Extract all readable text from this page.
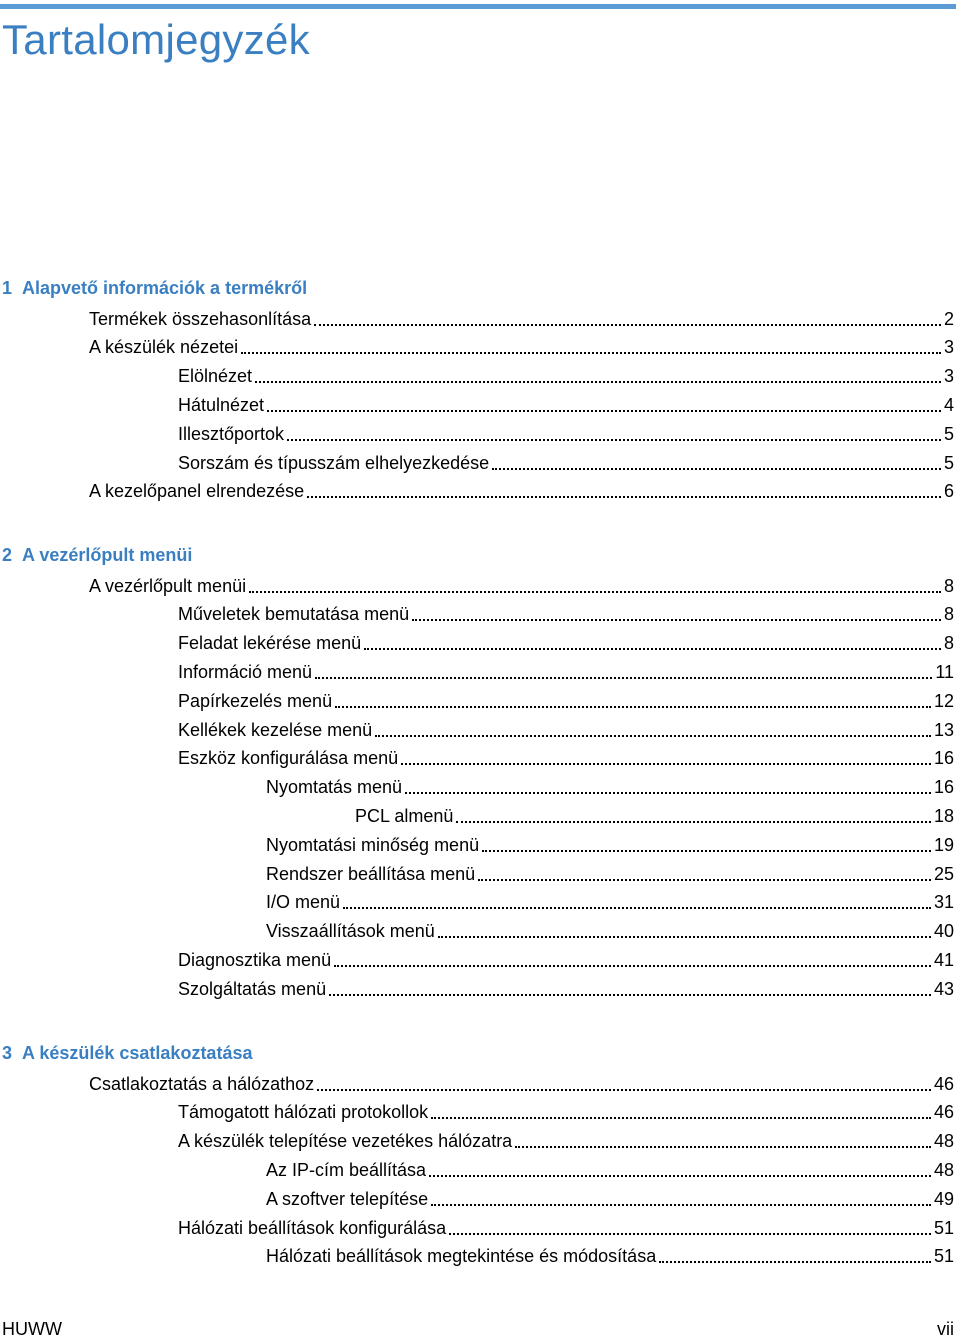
Tartalomjegyzék
1 Alapvető információk a termékről
Termékek összehasonlítása	2
A készülék nézetei	3
Elölnézet	3
Hátulnézet	4
Illesztőportok	5
Sorszám és típusszám elhelyezkedése	5
A kezelőpanel elrendezése	6
2 A vezérlőpult menüi
A vezérlőpult menüi	8
Műveletek bemutatása menü	8
Feladat lekérése menü	8
Információ menü	11
Papírkezelés menü	12
Kellékek kezelése menü	13
Eszköz konfigurálása menü	16
Nyomtatás menü	16
PCL almenü	18
Nyomtatási minőség menü	19
Rendszer beállítása menü	25
I/O menü	31
Visszaállítások menü	40
Diagnosztika menü	41
Szolgáltatás menü	43
3 A készülék csatlakoztatása
Csatlakoztatás a hálózathoz	46
Támogatott hálózati protokollok	46
A készülék telepítése vezetékes hálózatra	48
Az IP-cím beállítása	48
A szoftver telepítése	49
Hálózati beállítások konfigurálása	51
Hálózati beállítások megtekintése és módosítása	51
HUWW	vii
